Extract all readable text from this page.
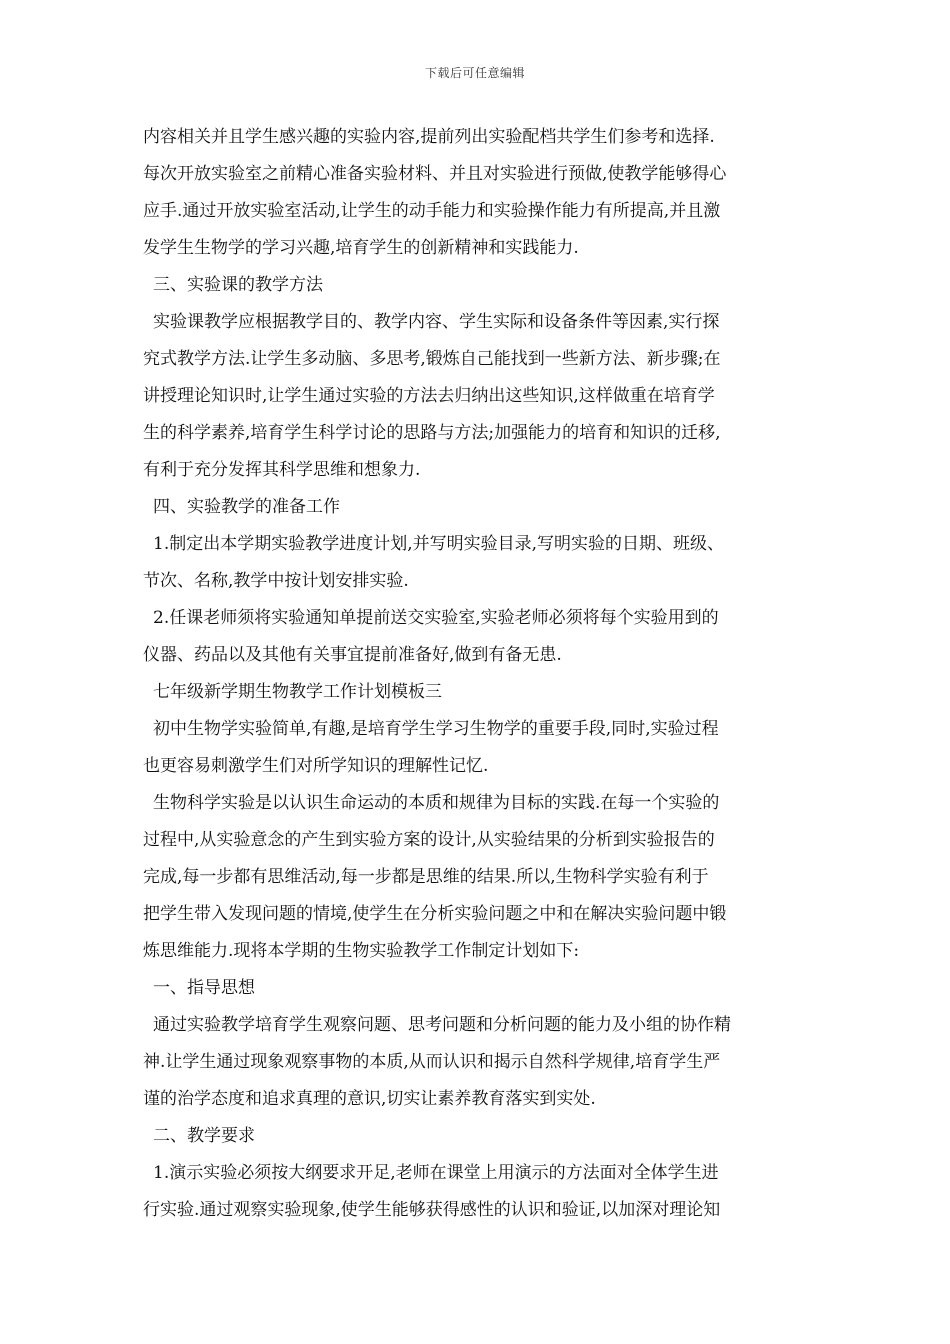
下载后可任意编辑
内容相关并且学生感兴趣的实验内容,提前列出实验配档共学生们参考和选择.
每次开放实验室之前精心准备实验材料、并且对实验进行预做,使教学能够得心
应手.通过开放实验室活动,让学生的动手能力和实验操作能力有所提高,并且激
发学生生物学的学习兴趣,培育学生的创新精神和实践能力.
三、实验课的教学方法
实验课教学应根据教学目的、教学内容、学生实际和设备条件等因素,实行探
究式教学方法.让学生多动脑、多思考,锻炼自己能找到一些新方法、新步骤;在
讲授理论知识时,让学生通过实验的方法去归纳出这些知识,这样做重在培育学
生的科学素养,培育学生科学讨论的思路与方法;加强能力的培育和知识的迁移,
有利于充分发挥其科学思维和想象力.
四、实验教学的准备工作
1.制定出本学期实验教学进度计划,并写明实验目录,写明实验的日期、班级、
节次、名称,教学中按计划安排实验.
2.任课老师须将实验通知单提前送交实验室,实验老师必须将每个实验用到的
仪器、药品以及其他有关事宜提前准备好,做到有备无患.
七年级新学期生物教学工作计划模板三
初中生物学实验简单,有趣,是培育学生学习生物学的重要手段,同时,实验过程
也更容易刺激学生们对所学知识的理解性记忆.
生物科学实验是以认识生命运动的本质和规律为目标的实践.在每一个实验的
过程中,从实验意念的产生到实验方案的设计,从实验结果的分析到实验报告的
完成,每一步都有思维活动,每一步都是思维的结果.所以,生物科学实验有利于
把学生带入发现问题的情境,使学生在分析实验问题之中和在解决实验问题中锻
炼思维能力.现将本学期的生物实验教学工作制定计划如下:
一、指导思想
通过实验教学培育学生观察问题、思考问题和分析问题的能力及小组的协作精
神.让学生通过现象观察事物的本质,从而认识和揭示自然科学规律,培育学生严
谨的治学态度和追求真理的意识,切实让素养教育落实到实处.
二、教学要求
1.演示实验必须按大纲要求开足,老师在课堂上用演示的方法面对全体学生进
行实验.通过观察实验现象,使学生能够获得感性的认识和验证,以加深对理论知
